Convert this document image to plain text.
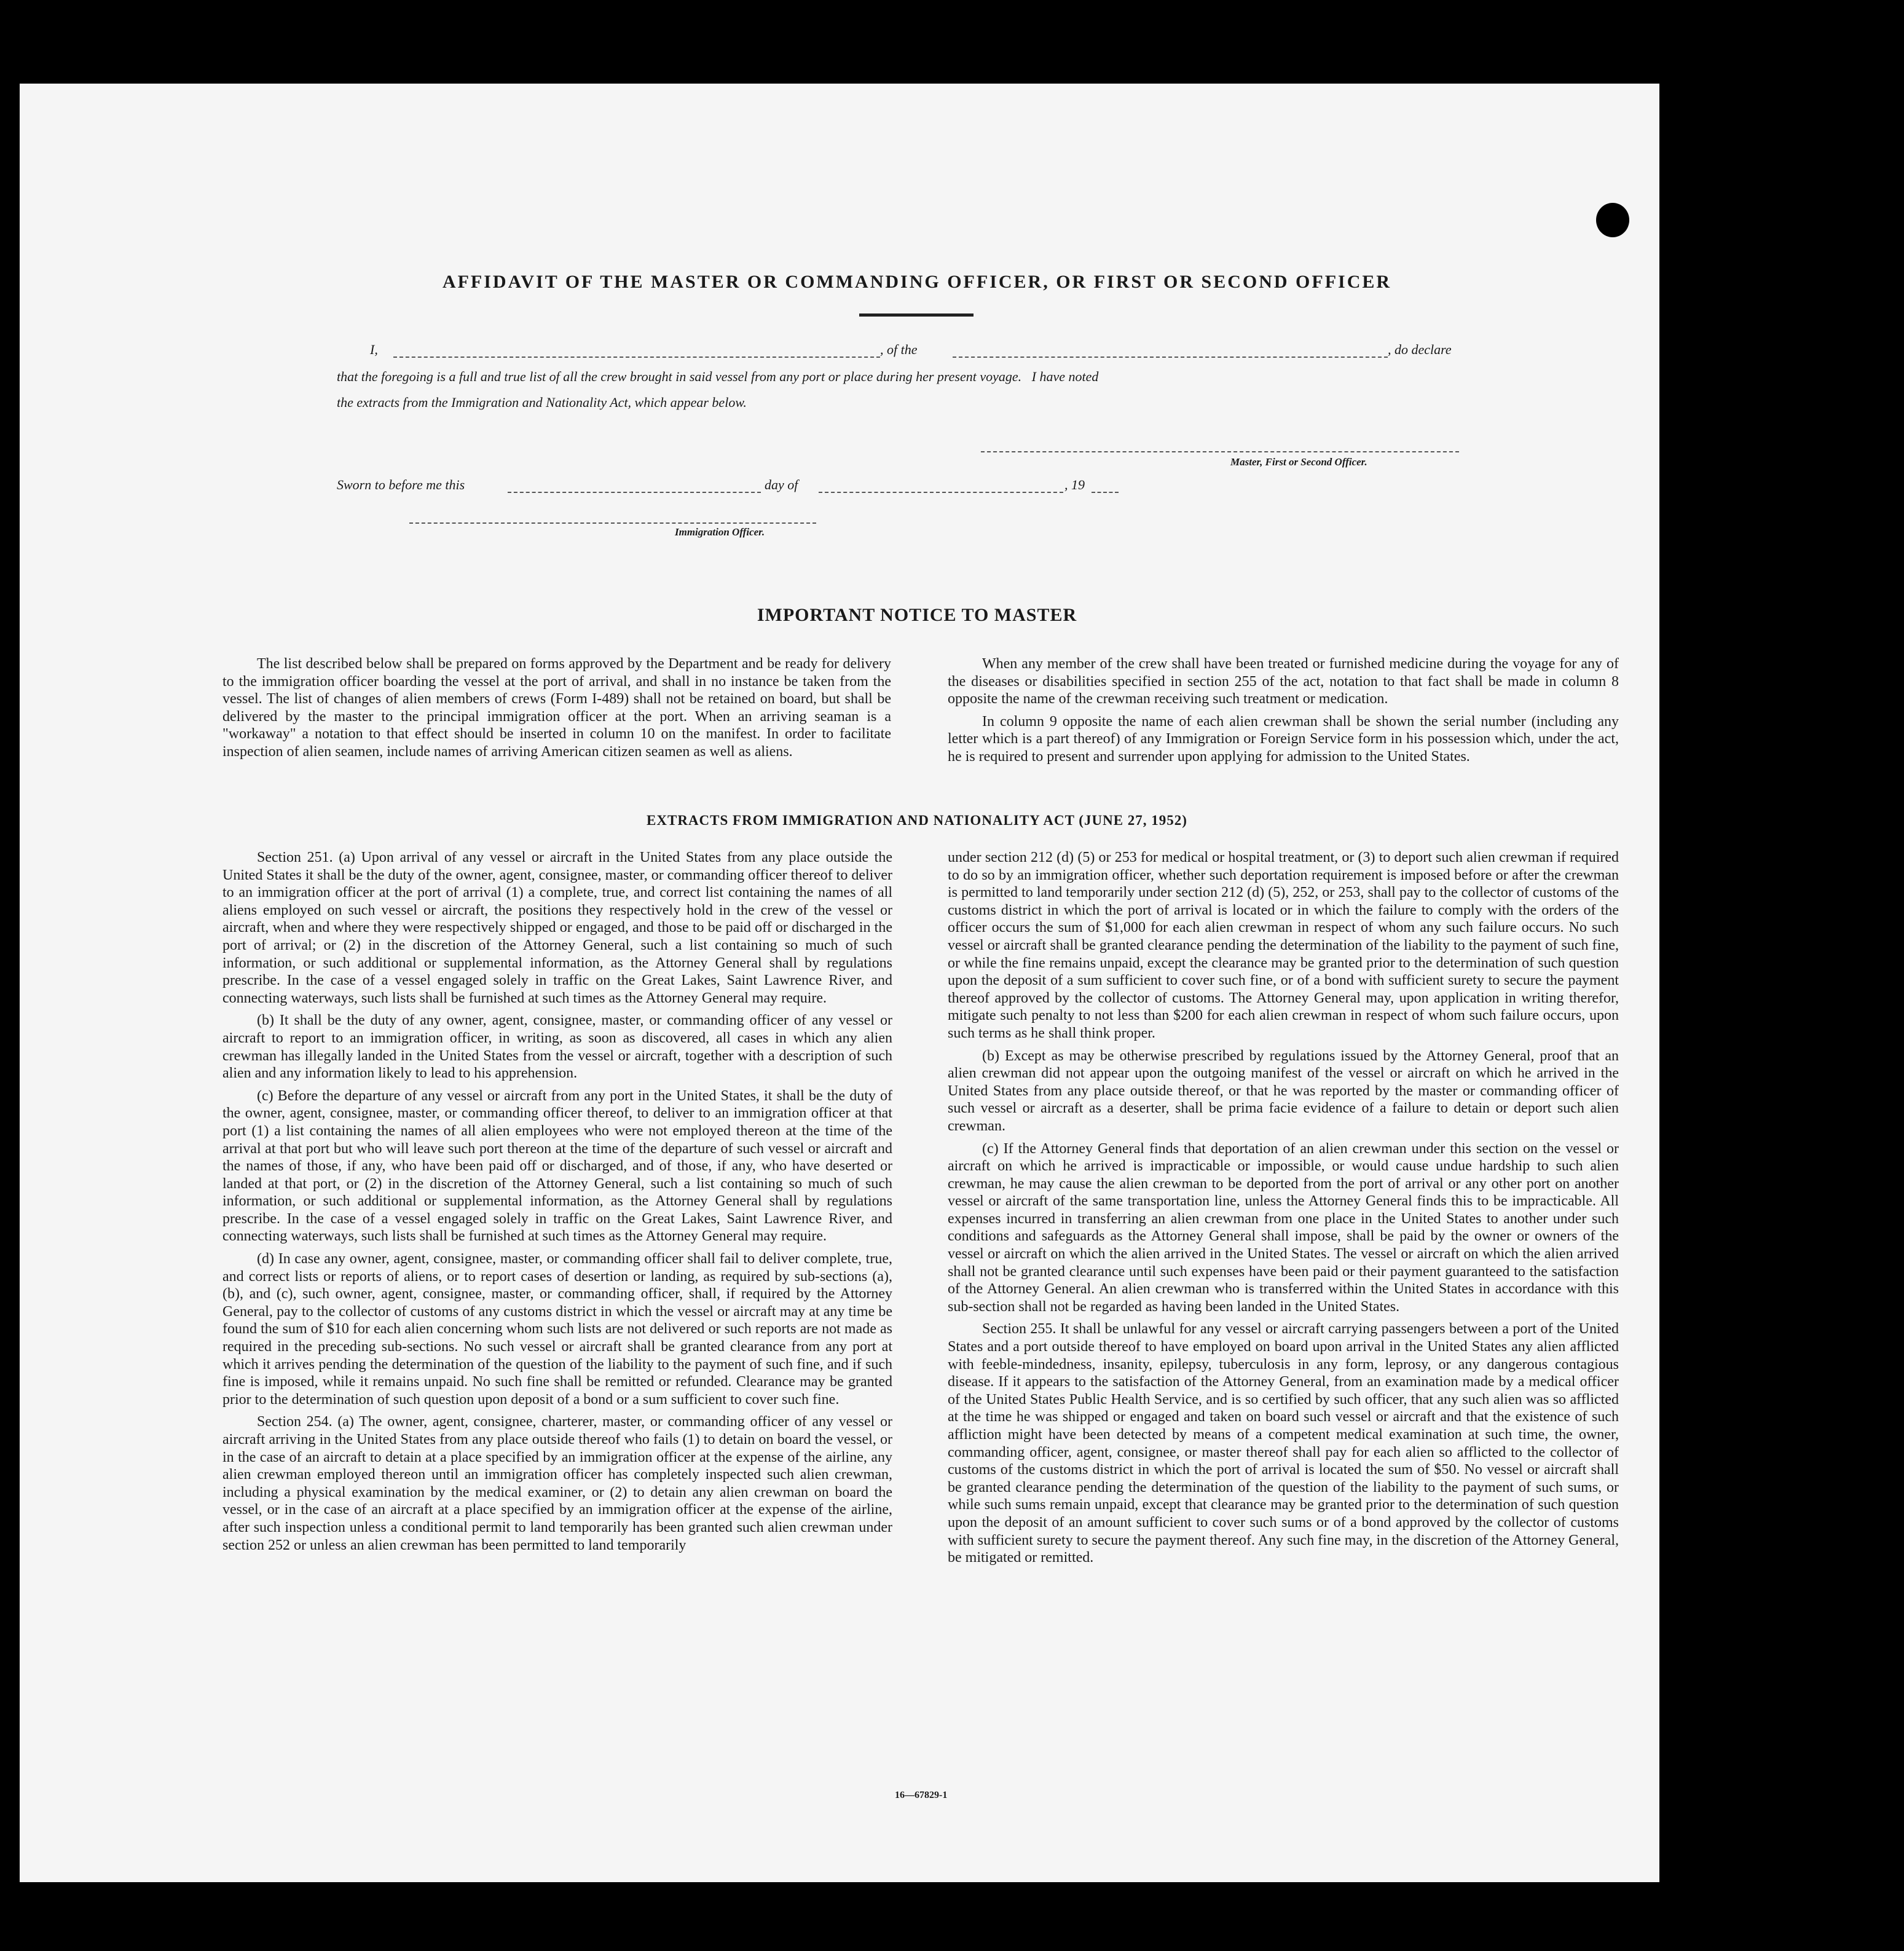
AFFIDAVIT OF THE MASTER OR COMMANDING OFFICER, OR FIRST OR SECOND OFFICER
I,	, of the	, do declare
that the foregoing is a full and true list of all the crew brought in said vessel from any port or place during her present voyage.   I have noted
the extracts from the Immigration and Nationality Act, which appear below.
Master, First or Second Officer.
Sworn to before me this	day of	, 19
Immigration Officer.
IMPORTANT NOTICE TO MASTER

The list described below shall be prepared on forms approved by the Department and be ready for delivery to the immigration officer boarding the vessel at the port of arrival, and shall in no instance be taken from the vessel. The list of changes of alien members of crews (Form I-489) shall not be retained on board, but shall be delivered by the master to the principal immigration officer at the port. When an arriving seaman is a "workaway" a notation to that effect should be inserted in column 10 on the manifest. In order to facilitate inspection of alien seamen, include names of arriving American citizen seamen as well as aliens.

When any member of the crew shall have been treated or furnished medicine during the voyage for any of the diseases or disabilities specified in section 255 of the act, notation to that fact shall be made in column 8 opposite the name of the crewman receiving such treatment or medication.

In column 9 opposite the name of each alien crewman shall be shown the serial number (including any letter which is a part thereof) of any Immigration or Foreign Service form in his possession which, under the act, he is required to present and surrender upon applying for admission to the United States.

EXTRACTS FROM IMMIGRATION AND NATIONALITY ACT (JUNE 27, 1952)

Section 251. (a) Upon arrival of any vessel or aircraft in the United States from any place outside the United States it shall be the duty of the owner, agent, consignee, master, or commanding officer thereof to deliver to an immigration officer at the port of arrival (1) a complete, true, and correct list containing the names of all aliens employed on such vessel or aircraft, the positions they respectively hold in the crew of the vessel or aircraft, when and where they were respectively shipped or engaged, and those to be paid off or discharged in the port of arrival; or (2) in the discretion of the Attorney General, such a list containing so much of such information, or such additional or supplemental information, as the Attorney General shall by regulations prescribe. In the case of a vessel engaged solely in traffic on the Great Lakes, Saint Lawrence River, and connecting waterways, such lists shall be furnished at such times as the Attorney General may require.

(b) It shall be the duty of any owner, agent, consignee, master, or commanding officer of any vessel or aircraft to report to an immigration officer, in writing, as soon as discovered, all cases in which any alien crewman has illegally landed in the United States from the vessel or aircraft, together with a description of such alien and any information likely to lead to his apprehension.

(c) Before the departure of any vessel or aircraft from any port in the United States, it shall be the duty of the owner, agent, consignee, master, or commanding officer thereof, to deliver to an immigration officer at that port (1) a list containing the names of all alien employees who were not employed thereon at the time of the arrival at that port but who will leave such port thereon at the time of the departure of such vessel or aircraft and the names of those, if any, who have been paid off or discharged, and of those, if any, who have deserted or landed at that port, or (2) in the discretion of the Attorney General, such a list containing so much of such information, or such additional or supplemental information, as the Attorney General shall by regulations prescribe. In the case of a vessel engaged solely in traffic on the Great Lakes, Saint Lawrence River, and connecting waterways, such lists shall be furnished at such times as the Attorney General may require.

(d) In case any owner, agent, consignee, master, or commanding officer shall fail to deliver complete, true, and correct lists or reports of aliens, or to report cases of desertion or landing, as required by sub-sections (a), (b), and (c), such owner, agent, consignee, master, or commanding officer, shall, if required by the Attorney General, pay to the collector of customs of any customs district in which the vessel or aircraft may at any time be found the sum of $10 for each alien concerning whom such lists are not delivered or such reports are not made as required in the preceding sub-sections. No such vessel or aircraft shall be granted clearance from any port at which it arrives pending the determination of the question of the liability to the payment of such fine, and if such fine is imposed, while it remains unpaid. No such fine shall be remitted or refunded. Clearance may be granted prior to the determination of such question upon deposit of a bond or a sum sufficient to cover such fine.

Section 254. (a) The owner, agent, consignee, charterer, master, or commanding officer of any vessel or aircraft arriving in the United States from any place outside thereof who fails (1) to detain on board the vessel, or in the case of an aircraft to detain at a place specified by an immigration officer at the expense of the airline, any alien crewman employed thereon until an immigration officer has completely inspected such alien crewman, including a physical examination by the medical examiner, or (2) to detain any alien crewman on board the vessel, or in the case of an aircraft at a place specified by an immigration officer at the expense of the airline, after such inspection unless a conditional permit to land temporarily has been granted such alien crewman under section 252 or unless an alien crewman has been permitted to land temporarily

under section 212 (d) (5) or 253 for medical or hospital treatment, or (3) to deport such alien crewman if required to do so by an immigration officer, whether such deportation requirement is imposed before or after the crewman is permitted to land temporarily under section 212 (d) (5), 252, or 253, shall pay to the collector of customs of the customs district in which the port of arrival is located or in which the failure to comply with the orders of the officer occurs the sum of $1,000 for each alien crewman in respect of whom any such failure occurs. No such vessel or aircraft shall be granted clearance pending the determination of the liability to the payment of such fine, or while the fine remains unpaid, except the clearance may be granted prior to the determination of such question upon the deposit of a sum sufficient to cover such fine, or of a bond with sufficient surety to secure the payment thereof approved by the collector of customs. The Attorney General may, upon application in writing therefor, mitigate such penalty to not less than $200 for each alien crewman in respect of whom such failure occurs, upon such terms as he shall think proper.

(b) Except as may be otherwise prescribed by regulations issued by the Attorney General, proof that an alien crewman did not appear upon the outgoing manifest of the vessel or aircraft on which he arrived in the United States from any place outside thereof, or that he was reported by the master or commanding officer of such vessel or aircraft as a deserter, shall be prima facie evidence of a failure to detain or deport such alien crewman.

(c) If the Attorney General finds that deportation of an alien crewman under this section on the vessel or aircraft on which he arrived is impracticable or impossible, or would cause undue hardship to such alien crewman, he may cause the alien crewman to be deported from the port of arrival or any other port on another vessel or aircraft of the same transportation line, unless the Attorney General finds this to be impracticable. All expenses incurred in transferring an alien crewman from one place in the United States to another under such conditions and safeguards as the Attorney General shall impose, shall be paid by the owner or owners of the vessel or aircraft on which the alien arrived in the United States. The vessel or aircraft on which the alien arrived shall not be granted clearance until such expenses have been paid or their payment guaranteed to the satisfaction of the Attorney General. An alien crewman who is transferred within the United States in accordance with this sub-section shall not be regarded as having been landed in the United States.

Section 255. It shall be unlawful for any vessel or aircraft carrying passengers between a port of the United States and a port outside thereof to have employed on board upon arrival in the United States any alien afflicted with feeble-mindedness, insanity, epilepsy, tuberculosis in any form, leprosy, or any dangerous contagious disease. If it appears to the satisfaction of the Attorney General, from an examination made by a medical officer of the United States Public Health Service, and is so certified by such officer, that any such alien was so afflicted at the time he was shipped or engaged and taken on board such vessel or aircraft and that the existence of such affliction might have been detected by means of a competent medical examination at such time, the owner, commanding officer, agent, consignee, or master thereof shall pay for each alien so afflicted to the collector of customs of the customs district in which the port of arrival is located the sum of $50. No vessel or aircraft shall be granted clearance pending the determination of the question of the liability to the payment of such sums, or while such sums remain unpaid, except that clearance may be granted prior to the determination of such question upon the deposit of an amount sufficient to cover such sums or of a bond approved by the collector of customs with sufficient surety to secure the payment thereof. Any such fine may, in the discretion of the Attorney General, be mitigated or remitted.

16—67829-1
